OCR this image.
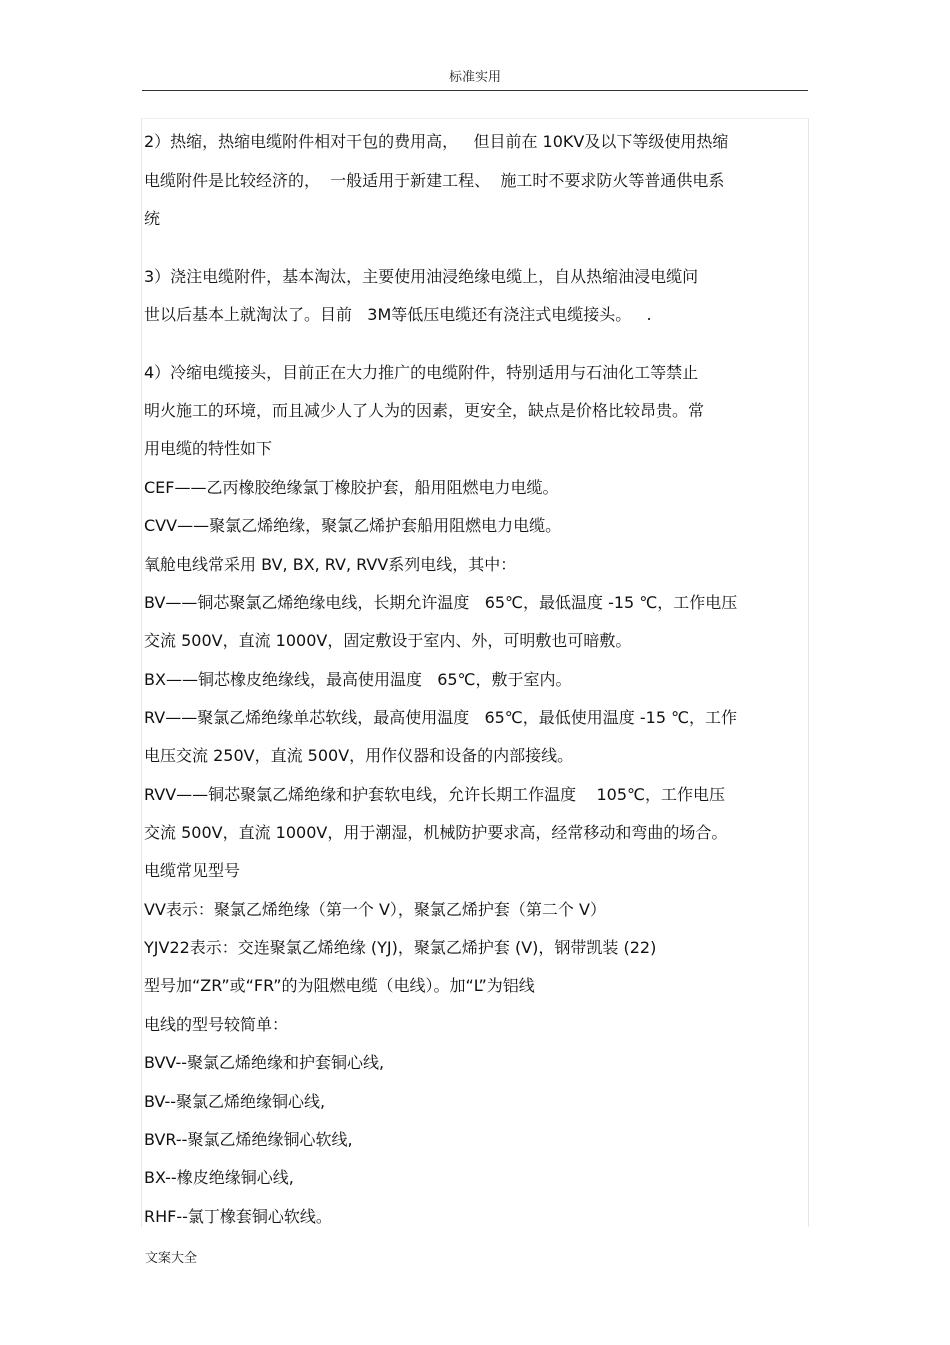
标准实用
2）热缩，热缩电缆附件相对干包的费用高，   但目前在 10KV及以下等级使用热缩
电缆附件是比较经济的，  一般适用于新建工程、  施工时不要求防火等普通供电系
统
3）浇注电缆附件，基本淘汰，主要使用油浸绝缘电缆上，自从热缩油浸电缆问
世以后基本上就淘汰了。目前   3M等低压电缆还有浇注式电缆接头。   .
4）冷缩电缆接头，目前正在大力推广的电缆附件，特别适用与石油化工等禁止
明火施工的环境，而且减少人了人为的因素，更安全，缺点是价格比较昂贵。常
用电缆的特性如下
CEF——乙丙橡胶绝缘氯丁橡胶护套，船用阻燃电力电缆。
CVV——聚氯乙烯绝缘，聚氯乙烯护套船用阻燃电力电缆。
氧舱电线常采用 BV, BX, RV, RVV系列电线，其中：
BV——铜芯聚氯乙烯绝缘电线，长期允许温度   65℃，最低温度 -15 ℃，工作电压
交流 500V，直流 1000V，固定敷设于室内、外，可明敷也可暗敷。
BX——铜芯橡皮绝缘线，最高使用温度   65℃，敷于室内。
RV——聚氯乙烯绝缘单芯软线，最高使用温度   65℃，最低使用温度 -15 ℃，工作
电压交流 250V，直流 500V，用作仪器和设备的内部接线。
RVV——铜芯聚氯乙烯绝缘和护套软电线，允许长期工作温度    105℃，工作电压
交流 500V，直流 1000V，用于潮湿，机械防护要求高，经常移动和弯曲的场合。
电缆常见型号
VV表示：聚氯乙烯绝缘（第一个 V），聚氯乙烯护套（第二个 V）
YJV22表示：交连聚氯乙烯绝缘 (YJ)，聚氯乙烯护套 (V)，钢带凯装 (22)
型号加“ZR”或“FR”的为阻燃电缆（电线）。加“L”为铝线
电线的型号较简单：
BVV--聚氯乙烯绝缘和护套铜心线,
BV--聚氯乙烯绝缘铜心线,
BVR--聚氯乙烯绝缘铜心软线,
BX--橡皮绝缘铜心线,
RHF--氯丁橡套铜心软线。
文案大全
